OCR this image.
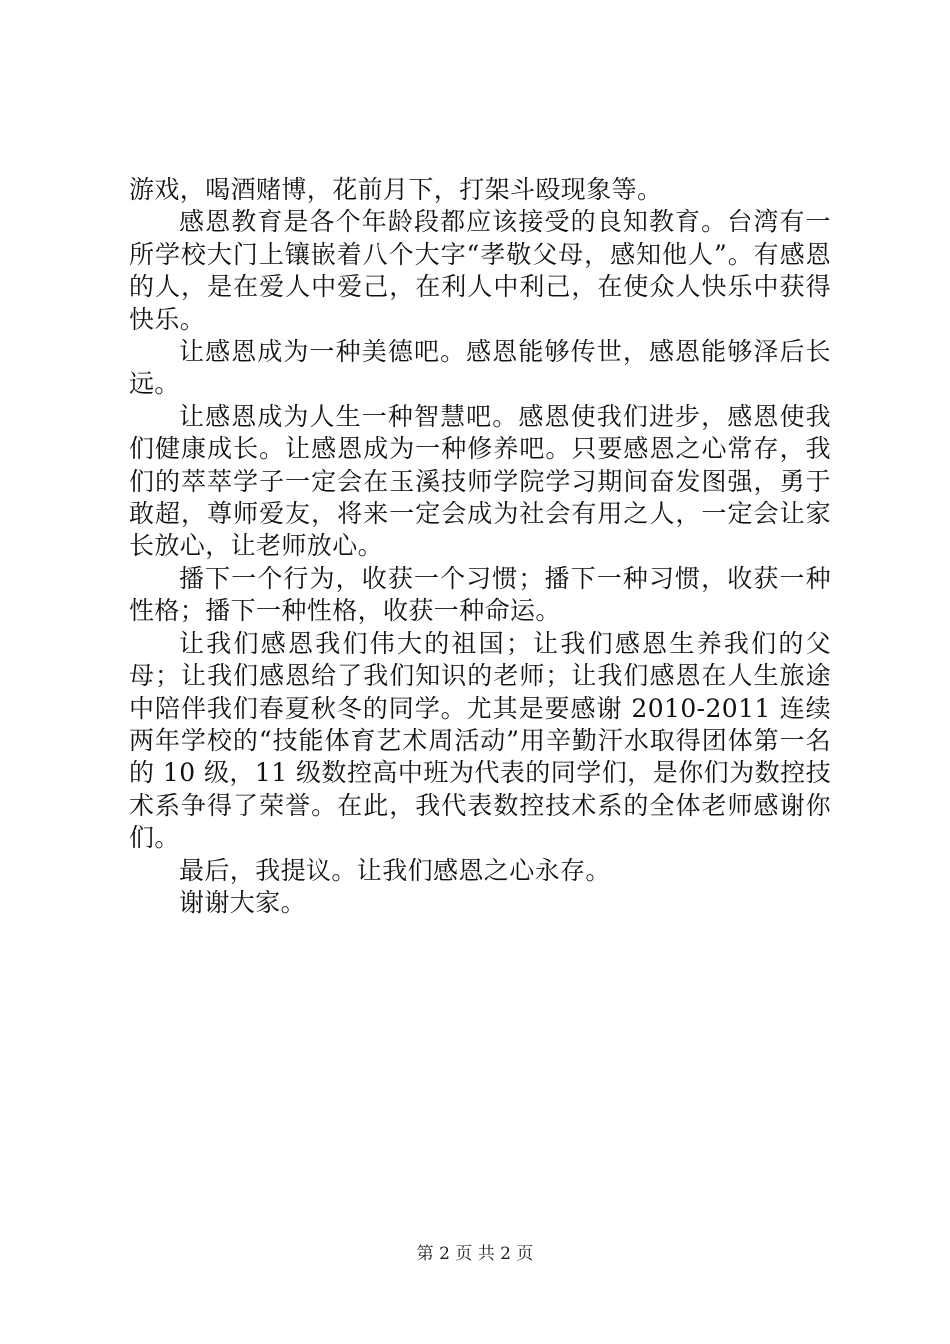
游戏，喝酒赌博，花前月下，打架斗殴现象等。

感恩教育是各个年龄段都应该接受的良知教育。台湾有一所学校大门上镶嵌着八个大字“孝敬父母，感知他人”。有感恩的人，是在爱人中爱己，在利人中利己，在使众人快乐中获得快乐。

让感恩成为一种美德吧。感恩能够传世，感恩能够泽后长远。

让感恩成为人生一种智慧吧。感恩使我们进步，感恩使我们健康成长。让感恩成为一种修养吧。只要感恩之心常存，我们的萃萃学子一定会在玉溪技师学院学习期间奋发图强，勇于敢超，尊师爱友，将来一定会成为社会有用之人，一定会让家长放心，让老师放心。

播下一个行为，收获一个习惯；播下一种习惯，收获一种性格；播下一种性格，收获一种命运。

让我们感恩我们伟大的祖国；让我们感恩生养我们的父母；让我们感恩给了我们知识的老师；让我们感恩在人生旅途中陪伴我们春夏秋冬的同学。尤其是要感谢 2010-2011 连续两年学校的“技能体育艺术周活动”用辛勤汗水取得团体第一名的 10 级，11 级数控高中班为代表的同学们，是你们为数控技术系争得了荣誉。在此，我代表数控技术系的全体老师感谢你们。

最后，我提议。让我们感恩之心永存。

谢谢大家。

第 2 页 共 2 页
